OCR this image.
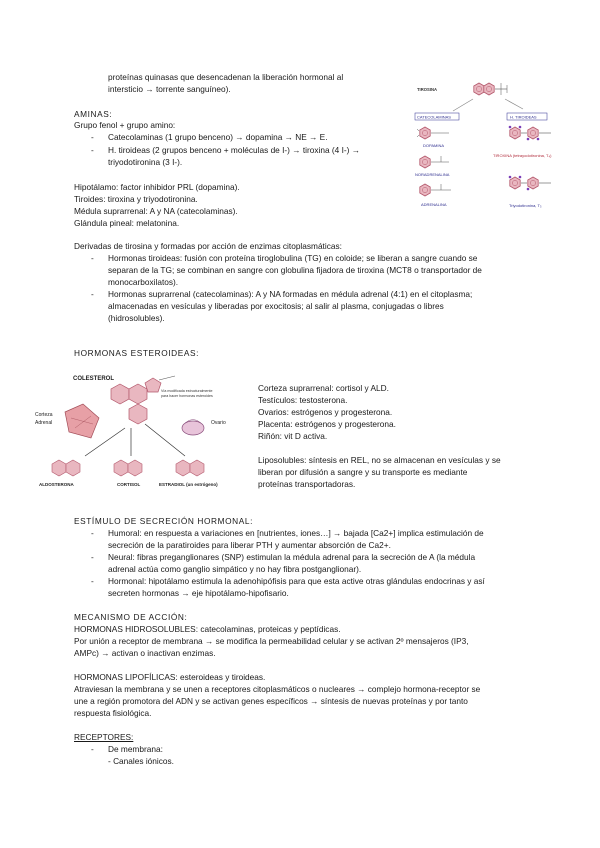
proteínas quinasas que desencadenan la liberación hormonal al
intersticio → torrente sanguíneo).
AMINAS:
Grupo fenol + grupo amino:
- Catecolaminas (1 grupo benceno) → dopamina → NE → E.
- H. tiroideas (2 grupos benceno + moléculas de I-) → tiroxina (4 I-) →
triyodotironina (3 I-).
Hipotálamo: factor inhibidor PRL (dopamina).
Tiroides: tiroxina y triyodotironina.
Médula suprarrenal: A y NA (catecolaminas).
Glándula pineal: melatonina.
Derivadas de tirosina y formadas por acción de enzimas citoplasmáticas:
- Hormonas tiroideas: fusión con proteína tiroglobulina (TG) en coloide; se liberan a sangre cuando se
separan de la TG; se combinan en sangre con globulina fijadora de tiroxina (MCT8 o transportador de
monocarboxilatos).
- Hormonas suprarrenal (catecolaminas): A y NA formadas en médula adrenal (4:1) en el citoplasma;
almacenadas en vesículas y liberadas por exocitosis; al salir al plasma, conjugadas o libres
(hidrosolubles).
TIROSINA
CATECOLAMINAS	H. TIROIDEAS
DOPAMINA
NORADRENALINA
ADRENALINA
TIROXINA (tetrayodotironina, T₄)
Triyodotironina, T₃
HORMONAS ESTEROIDEAS:
COLESTEROL
Vía modificada estructuralmente
para hacer hormonas esteroides
Corteza
Adrenal	Ovario
ALDOSTERONA	CORTISOL	ESTRADIOL (un estrógeno)
Corteza suprarrenal: cortisol y ALD.
Testículos: testosterona.
Ovarios: estrógenos y progesterona.
Placenta: estrógenos y progesterona.
Riñón: vit D activa.
Liposolubles: síntesis en REL, no se almacenan en vesículas y se
liberan por difusión a sangre y su transporte es mediante
proteínas transportadoras.
ESTÍMULO DE SECRECIÓN HORMONAL:
- Humoral: en respuesta a variaciones en [nutrientes, iones…] → bajada [Ca2+] implica estimulación de
secreción de la paratiroides para liberar PTH y aumentar absorción de Ca2+.
- Neural: fibras preganglionares (SNP) estimulan la médula adrenal para la secreción de A (la médula
adrenal actúa como ganglio simpático y no hay fibra postganglionar).
- Hormonal: hipotálamo estimula la adenohipófisis para que esta active otras glándulas endocrinas y así
secreten hormonas → eje hipotálamo-hipofisario.
MECANISMO DE ACCIÓN:
HORMONAS HIDROSOLUBLES: catecolaminas, proteicas y peptídicas.
Por unión a receptor de membrana → se modifica la permeabilidad celular y se activan 2º mensajeros (IP3,
AMPc) → activan o inactivan enzimas.
HORMONAS LIPOFÍLICAS: esteroideas y tiroideas.
Atraviesan la membrana y se unen a receptores citoplasmáticos o nucleares → complejo hormona-receptor se
une a región promotora del ADN y se activan genes específicos → síntesis de nuevas proteínas y por tanto
respuesta fisiológica.
RECEPTORES:
- De membrana:
- Canales iónicos.
